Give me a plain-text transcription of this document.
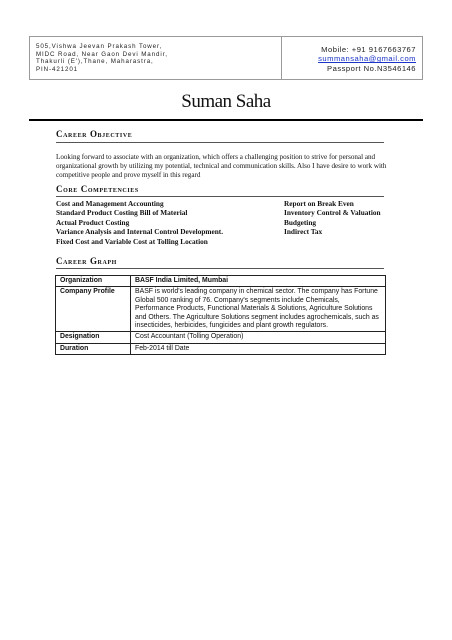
505,Vishwa Jeevan Prakash Tower,
MIDC Road, Near Gaon Devi Mandir,
Thakurli (E'),Thane, Maharastra,
PIN-421201
Mobile: +91 9167663767
summansaha@gmail.com
Passport No.N3546146
Suman Saha
Career Objective
Looking forward to associate with an organization, which offers a challenging position to strive for personal and organizational growth by utilizing my potential, technical and communication skills. Also I have desire to work with competitive people and prove myself in this regard
Core Competencies
Cost and Management Accounting
Standard Product Costing Bill of Material
Actual Product Costing
Variance Analysis and Internal Control Development.
Fixed Cost and Variable Cost at Tolling Location
Report on Break Even
Inventory Control & Valuation
Budgeting
Indirect Tax
Career Graph
Organization	BASF India Limited, Mumbai
Company Profile	BASF is world's leading company in chemical sector. The company has Fortune Global 500 ranking of 76. Company's segments include Chemicals, Performance Products, Functional Materials & Solutions, Agriculture Solutions and Others. The Agriculture Solutions segment includes agrochemicals, such as insecticides, herbicides, fungicides and plant growth regulators.
Designation	Cost Accountant (Tolling Operation)
Duration	Feb-2014 till Date
